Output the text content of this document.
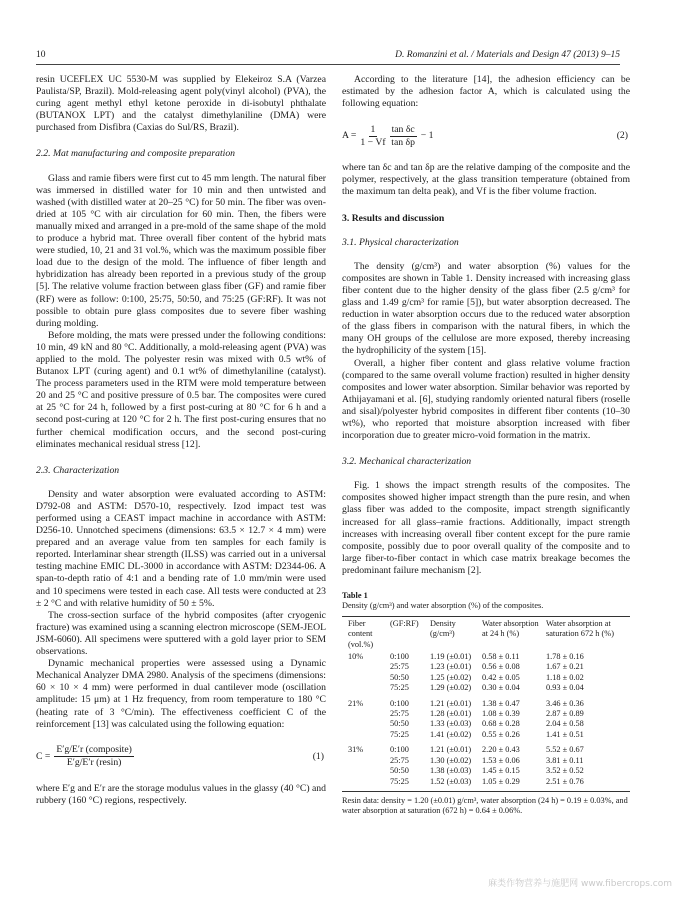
10	D. Romanzini et al. / Materials and Design 47 (2013) 9–15

resin UCEFLEX UC 5530-M was supplied by Elekeiroz S.A (Varzea Paulista/SP, Brazil). Mold-releasing agent poly(vinyl alcohol) (PVA), the curing agent methyl ethyl ketone peroxide in di-isobutyl phthalate (BUTANOX LPT) and the catalyst dimethylaniline (DMA) were purchased from Disfibra (Caxias do Sul/RS, Brazil).

2.2. Mat manufacturing and composite preparation

Glass and ramie fibers were first cut to 45 mm length. The natural fiber was immersed in distilled water for 10 min and then untwisted and washed (with distilled water at 20–25 °C) for 50 min. The fiber was oven-dried at 105 °C with air circulation for 60 min. Then, the fibers were manually mixed and arranged in a pre-mold of the same shape of the mold to produce a hybrid mat. Three overall fiber content of the hybrid mats were studied, 10, 21 and 31 vol.%, which was the maximum possible fiber load due to the design of the mold. The influence of fiber length and hybridization has already been reported in a previous study of the group [5]. The relative volume fraction between glass fiber (GF) and ramie fiber (RF) were as follow: 0:100, 25:75, 50:50, and 75:25 (GF:RF). It was not possible to obtain pure glass composites due to severe fiber washing during molding.

Before molding, the mats were pressed under the following conditions: 10 min, 49 kN and 80 °C. Additionally, a mold-releasing agent (PVA) was applied to the mold. The polyester resin was mixed with 0.5 wt% of Butanox LPT (curing agent) and 0.1 wt% of dimethylaniline (catalyst). The process parameters used in the RTM were mold temperature between 20 and 25 °C and positive pressure of 0.5 bar. The composites were cured at 25 °C for 24 h, followed by a first post-curing at 80 °C for 6 h and a second post-curing at 120 °C for 2 h. The first post-curing ensures that no further chemical modification occurs, and the second post-curing eliminates mechanical residual stress [12].

2.3. Characterization

Density and water absorption were evaluated according to ASTM: D792-08 and ASTM: D570-10, respectively. Izod impact test was performed using a CEAST impact machine in accordance with ASTM: D256-10. Unnotched specimens (dimensions: 63.5 × 12.7 × 4 mm) were prepared and an average value from ten samples for each family is reported. Interlaminar shear strength (ILSS) was carried out in a universal testing machine EMIC DL-3000 in accordance with ASTM: D2344-06. A span-to-depth ratio of 4:1 and a bending rate of 1.0 mm/min were used and 10 specimens were tested in each case. All tests were conducted at 23 ± 2 °C and with relative humidity of 50 ± 5%.

The cross-section surface of the hybrid composites (after cryogenic fracture) was examined using a scanning electron microscope (SEM-JEOL JSM-6060). All specimens were sputtered with a gold layer prior to SEM observations.

Dynamic mechanical properties were assessed using a Dynamic Mechanical Analyzer DMA 2980. Analysis of the specimens (dimensions: 60 × 10 × 4 mm) were performed in dual cantilever mode (oscillation amplitude: 15 μm) at 1 Hz frequency, from room temperature to 180 °C (heating rate of 3 °C/min). The effectiveness coefficient C of the reinforcement [13] was calculated using the following equation:

$C = \frac{\text{E′g/E′r (composite)}}{E'g/E'r (resin)}$	(1)

where E′g and E′r are the storage modulus values in the glassy (40 °C) and rubbery (160 °C) regions, respectively.

According to the literature [14], the adhesion efficiency can be estimated by the adhesion factor A, which is calculated using the following equation:

$A = \frac{1}{1 - Vf} \frac{\text{tan δc}}{\text{tan δp}} - 1$	(2)

where tan δc and tan δp are the relative damping of the composite and the polymer, respectively, at the glass transition temperature (obtained from the maximum tan delta peak), and Vf is the fiber volume fraction.

3. Results and discussion

3.1. Physical characterization

The density (g/cm³) and water absorption (%) values for the composites are shown in Table 1. Density increased with increasing glass fiber content due to the higher density of the glass fiber (2.5 g/cm³ for glass and 1.49 g/cm³ for ramie [5]), but water absorption decreased. The reduction in water absorption occurs due to the reduced water absorption of the glass fibers in comparison with the natural fibers, in which the many OH groups of the cellulose are more exposed, thereby increasing the hydrophilicity of the system [15].

Overall, a higher fiber content and glass relative volume fraction (compared to the same overall volume fraction) resulted in higher density composites and lower water absorption. Similar behavior was reported by Athijayamani et al. [6], studying randomly oriented natural fibers (roselle and sisal)/polyester hybrid composites in different fiber contents (10–30 wt%), who reported that moisture absorption increased with fiber incorporation due to greater micro-void formation in the matrix.

3.2. Mechanical characterization

Fig. 1 shows the impact strength results of the composites. The composites showed higher impact strength than the pure resin, and when glass fiber was added to the composite, impact strength significantly increased for all glass–ramie fractions. Additionally, impact strength increases with increasing overall fiber content except for the pure ramie composite, possibly due to poor overall quality of the composite and to large fiber-to-fiber contact in which case matrix breakage becomes the predominant failure mechanism [2].

Table 1
Density (g/cm³) and water absorption (%) of the composites.
Fiber content (vol.%)	(GF:RF)	Density (g/cm³)	Water absorption at 24 h (%)	Water absorption at saturation 672 h (%)
10%	0:100	1.19 (±0.01)	0.58 ± 0.11	1.78 ± 0.16
	25:75	1.23 (±0.01)	0.56 ± 0.08	1.67 ± 0.21
	50:50	1.25 (±0.02)	0.42 ± 0.05	1.18 ± 0.02
	75:25	1.29 (±0.02)	0.30 ± 0.04	0.93 ± 0.04
21%	0:100	1.21 (±0.01)	1.38 ± 0.47	3.46 ± 0.36
	25:75	1.28 (±0.01)	1.08 ± 0.39	2.87 ± 0.89
	50:50	1.33 (±0.03)	0.68 ± 0.28	2.04 ± 0.58
	75:25	1.41 (±0.02)	0.55 ± 0.26	1.41 ± 0.51
31%	0:100	1.21 (±0.01)	2.20 ± 0.43	5.52 ± 0.67
	25:75	1.30 (±0.02)	1.53 ± 0.06	3.81 ± 0.11
	50:50	1.38 (±0.03)	1.45 ± 0.15	3.52 ± 0.52
	75:25	1.52 (±0.03)	1.05 ± 0.29	2.51 ± 0.76
Resin data: density = 1.20 (±0.01) g/cm³, water absorption (24 h) = 0.19 ± 0.03%, and water absorption at saturation (672 h) = 0.64 ± 0.06%.
麻类作物营养与施肥网 www.fibercrops.com
